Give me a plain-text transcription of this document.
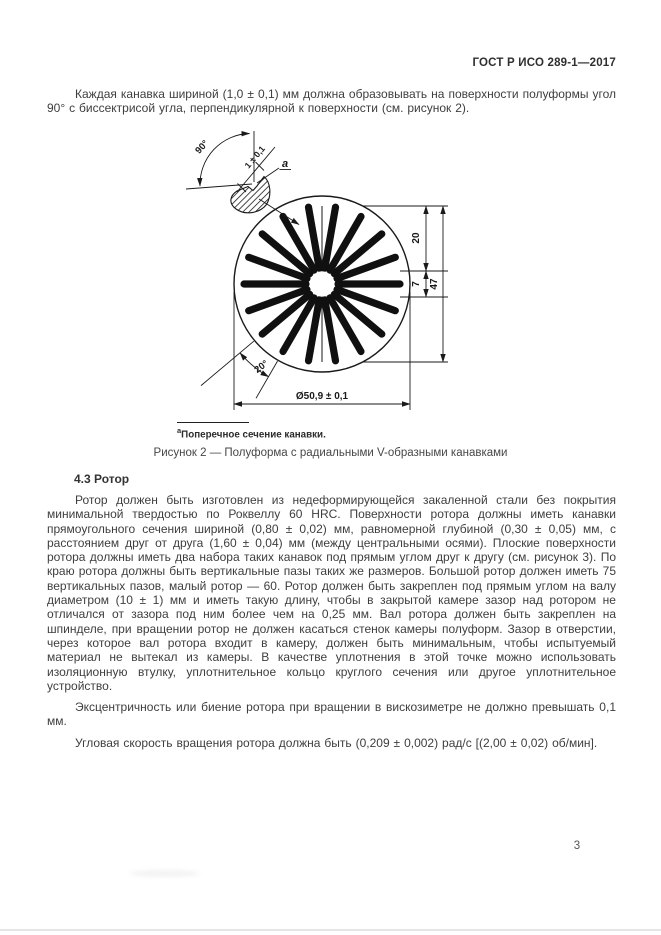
ГОСТ Р ИСО 289-1—2017
Каждая канавка шириной (1,0 ± 0,1) мм должна образовывать на поверхности полуформы угол 90° с биссектрисой угла, перпендикулярной к поверхности (см. рисунок 2).
20
7 47
20°
Ø50,9 ± 0,1
90°	1 ± 0,1 а
$^а$Поперечное сечение канавки.
Рисунок 2 — Полуформа с радиальными V-образными канавками
4.3 Ротор

Ротор должен быть изготовлен из недеформирующейся закаленной стали без покрытия минимальной твердостью по Роквеллу 60 HRC. Поверхности ротора должны иметь канавки прямоугольного сечения шириной (0,80 ± 0,02) мм, равномерной глубиной (0,30 ± 0,05) мм, с расстоянием друг от друга (1,60 ± 0,04) мм (между центральными осями). Плоские поверхности ротора должны иметь два набора таких канавок под прямым углом друг к другу (см. рисунок 3). По краю ротора должны быть вертикальные пазы таких же размеров. Большой ротор должен иметь 75 вертикальных пазов, малый ротор — 60. Ротор должен быть закреплен под прямым углом на валу диаметром (10 ± 1) мм и иметь такую длину, чтобы в закрытой камере зазор над ротором не отличался от зазора под ним более чем на 0,25 мм. Вал ротора должен быть закреплен на шпинделе, при вращении ротор не должен касаться стенок камеры полуформ. Зазор в отверстии, через которое вал ротора входит в камеру, должен быть минимальным, чтобы испытуемый материал не вытекал из камеры. В качестве уплотнения в этой точке можно использовать изоляционную втулку, уплотнительное кольцо круглого сечения или другое уплотнительное устройство.

Эксцентричность или биение ротора при вращении в вискозиметре не должно превышать 0,1 мм.

Угловая скорость вращения ротора должна быть (0,209 ± 0,002) рад/с [(2,00 ± 0,02) об/мин].

3
